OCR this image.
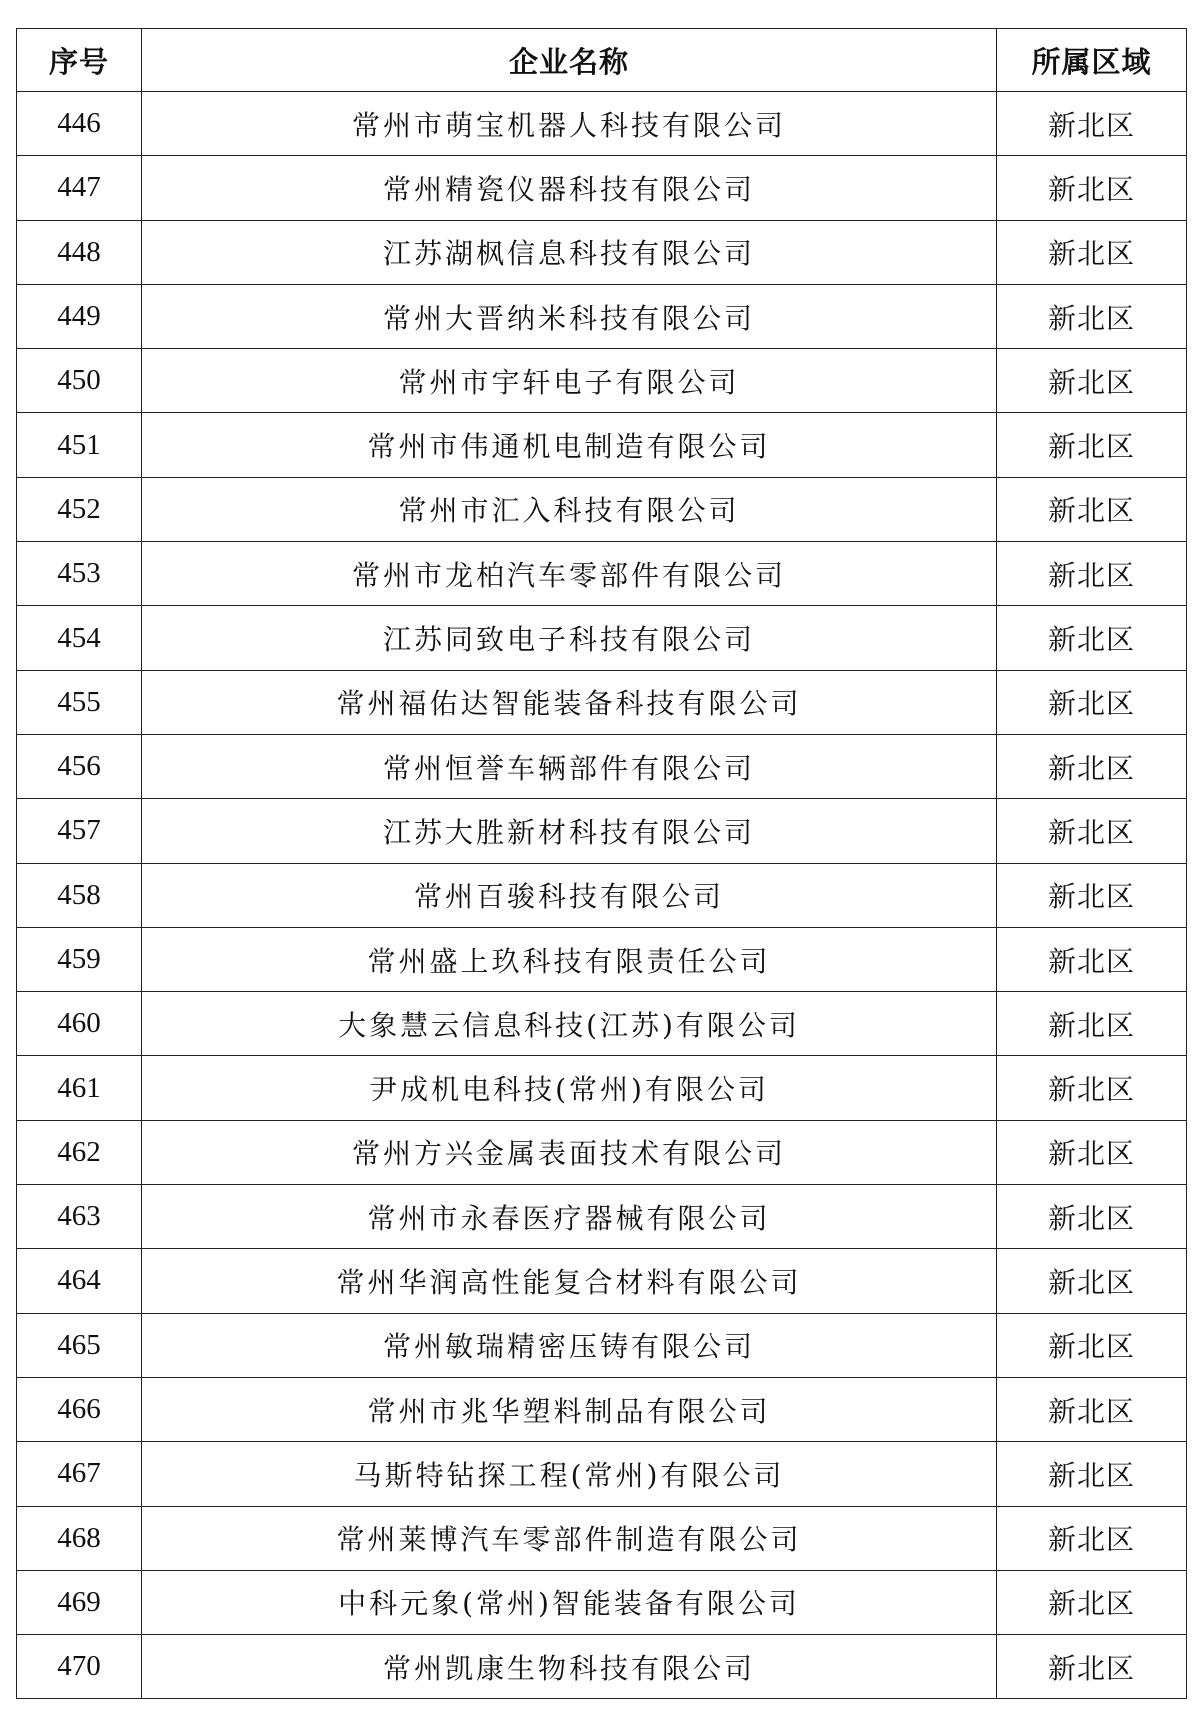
序号	企业名称	所属区域
446	常州市萌宝机器人科技有限公司	新北区
447	常州精瓷仪器科技有限公司	新北区
448	江苏湖枫信息科技有限公司	新北区
449	常州大晋纳米科技有限公司	新北区
450	常州市宇轩电子有限公司	新北区
451	常州市伟通机电制造有限公司	新北区
452	常州市汇入科技有限公司	新北区
453	常州市龙柏汽车零部件有限公司	新北区
454	江苏同致电子科技有限公司	新北区
455	常州福佑达智能装备科技有限公司	新北区
456	常州恒誉车辆部件有限公司	新北区
457	江苏大胜新材科技有限公司	新北区
458	常州百骏科技有限公司	新北区
459	常州盛上玖科技有限责任公司	新北区
460	大象慧云信息科技(江苏)有限公司	新北区
461	尹成机电科技(常州)有限公司	新北区
462	常州方兴金属表面技术有限公司	新北区
463	常州市永春医疗器械有限公司	新北区
464	常州华润高性能复合材料有限公司	新北区
465	常州敏瑞精密压铸有限公司	新北区
466	常州市兆华塑料制品有限公司	新北区
467	马斯特钻探工程(常州)有限公司	新北区
468	常州莱博汽车零部件制造有限公司	新北区
469	中科元象(常州)智能装备有限公司	新北区
470	常州凯康生物科技有限公司	新北区
